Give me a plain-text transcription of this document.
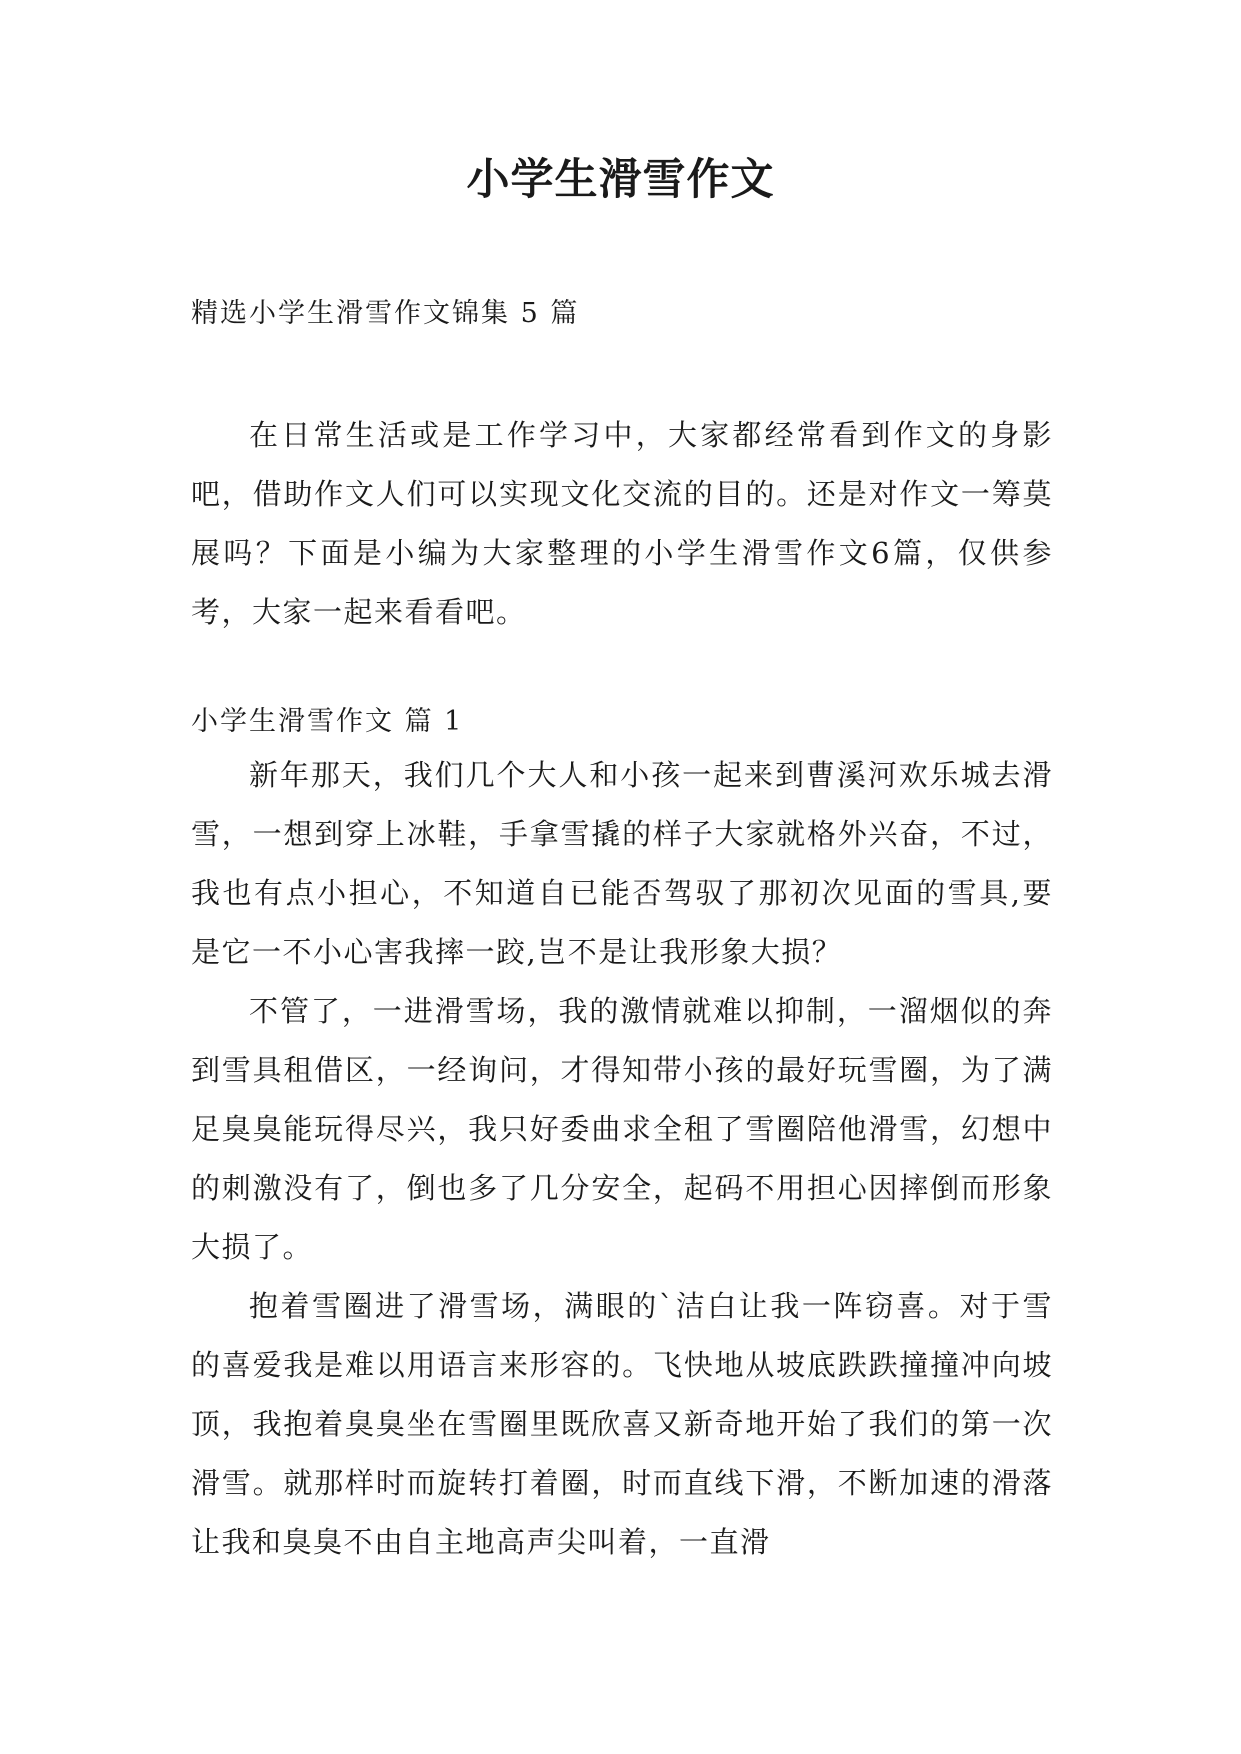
小学生滑雪作文

精选小学生滑雪作文锦集 5 篇

在日常生活或是工作学习中，大家都经常看到作文的身影吧，借助作文人们可以实现文化交流的目的。还是对作文一筹莫展吗？下面是小编为大家整理的小学生滑雪作文6篇，仅供参考，大家一起来看看吧。

小学生滑雪作文 篇 1

新年那天，我们几个大人和小孩一起来到曹溪河欢乐城去滑雪，一想到穿上冰鞋，手拿雪撬的样子大家就格外兴奋，不过，我也有点小担心，不知道自已能否驾驭了那初次见面的雪具,要是它一不小心害我摔一跤,岂不是让我形象大损？

不管了，一进滑雪场，我的激情就难以抑制，一溜烟似的奔到雪具租借区，一经询问，才得知带小孩的最好玩雪圈，为了满足臭臭能玩得尽兴，我只好委曲求全租了雪圈陪他滑雪，幻想中的刺激没有了，倒也多了几分安全，起码不用担心因摔倒而形象大损了。

抱着雪圈进了滑雪场，满眼的`洁白让我一阵窃喜。对于雪的喜爱我是难以用语言来形容的。飞快地从坡底跌跌撞撞冲向坡顶，我抱着臭臭坐在雪圈里既欣喜又新奇地开始了我们的第一次滑雪。就那样时而旋转打着圈，时而直线下滑，不断加速的滑落让我和臭臭不由自主地高声尖叫着，一直滑
